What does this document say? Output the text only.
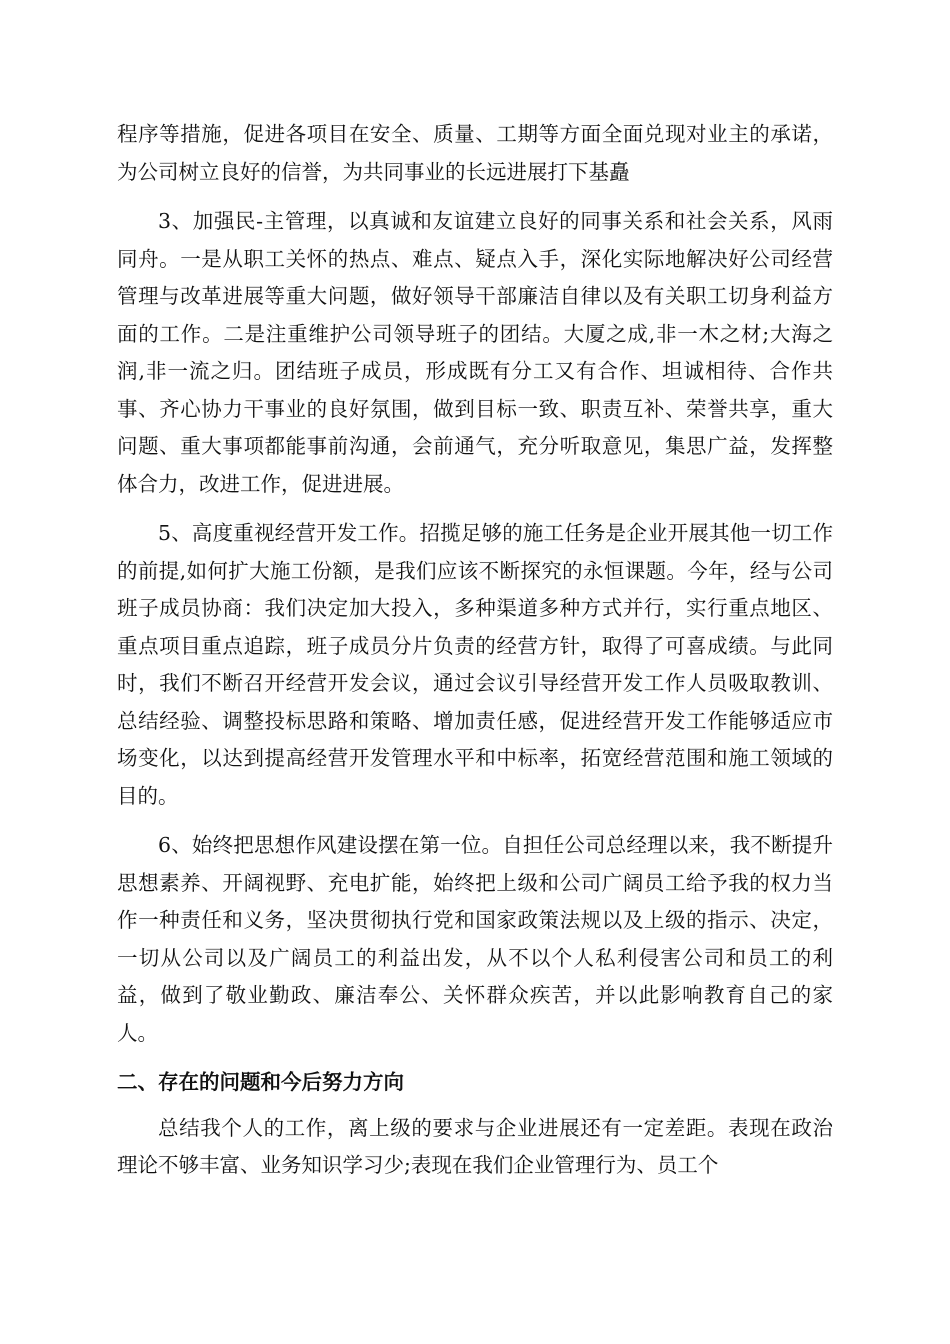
程序等措施，促进各项目在安全、质量、工期等方面全面兑现对业主的承诺，为公司树立良好的信誉，为共同事业的长远进展打下基矗

3、加强民-主管理，以真诚和友谊建立良好的同事关系和社会关系，风雨同舟。一是从职工关怀的热点、难点、疑点入手，深化实际地解决好公司经营管理与改革进展等重大问题，做好领导干部廉洁自律以及有关职工切身利益方面的工作。二是注重维护公司领导班子的团结。大厦之成,非一木之材;大海之润,非一流之归。团结班子成员，形成既有分工又有合作、坦诚相待、合作共事、齐心协力干事业的良好氛围，做到目标一致、职责互补、荣誉共享，重大问题、重大事项都能事前沟通，会前通气，充分听取意见，集思广益，发挥整体合力，改进工作，促进进展。

5、高度重视经营开发工作。招揽足够的施工任务是企业开展其他一切工作的前提,如何扩大施工份额，是我们应该不断探究的永恒课题。今年，经与公司班子成员协商：我们决定加大投入，多种渠道多种方式并行，实行重点地区、重点项目重点追踪，班子成员分片负责的经营方针，取得了可喜成绩。与此同时，我们不断召开经营开发会议，通过会议引导经营开发工作人员吸取教训、总结经验、调整投标思路和策略、增加责任感，促进经营开发工作能够适应市场变化，以达到提高经营开发管理水平和中标率，拓宽经营范围和施工领域的目的。

6、始终把思想作风建设摆在第一位。自担任公司总经理以来，我不断提升思想素养、开阔视野、充电扩能，始终把上级和公司广阔员工给予我的权力当作一种责任和义务，坚决贯彻执行党和国家政策法规以及上级的指示、决定，一切从公司以及广阔员工的利益出发，从不以个人私利侵害公司和员工的利益，做到了敬业勤政、廉洁奉公、关怀群众疾苦，并以此影响教育自己的家人。

二、存在的问题和今后努力方向

总结我个人的工作，离上级的要求与企业进展还有一定差距。表现在政治理论不够丰富、业务知识学习少;表现在我们企业管理行为、员工个
